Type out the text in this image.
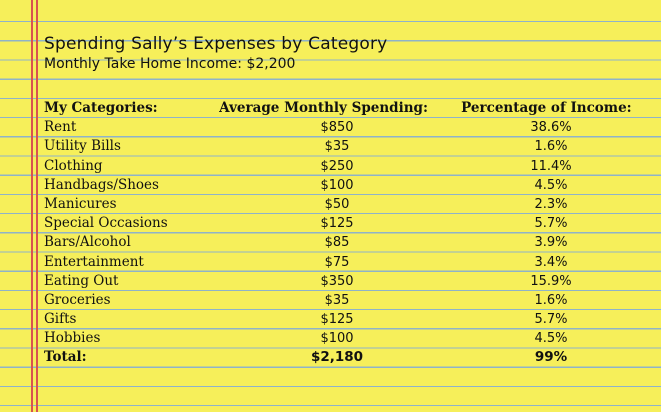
Spending Sally’s Expenses by Category
Monthly Take Home Income: $2,200
My Categories:	Average Monthly Spending:	Percentage of Income:
Rent	$850	38.6%
Utility Bills	$35	1.6%
Clothing	$250	11.4%
Handbags/Shoes	$100	4.5%
Manicures	$50	2.3%
Special Occasions	$125	5.7%
Bars/Alcohol	$85	3.9%
Entertainment	$75	3.4%
Eating Out	$350	15.9%
Groceries	$35	1.6%
Gifts	$125	5.7%
Hobbies	$100	4.5%
Total:	$2,180	99%
